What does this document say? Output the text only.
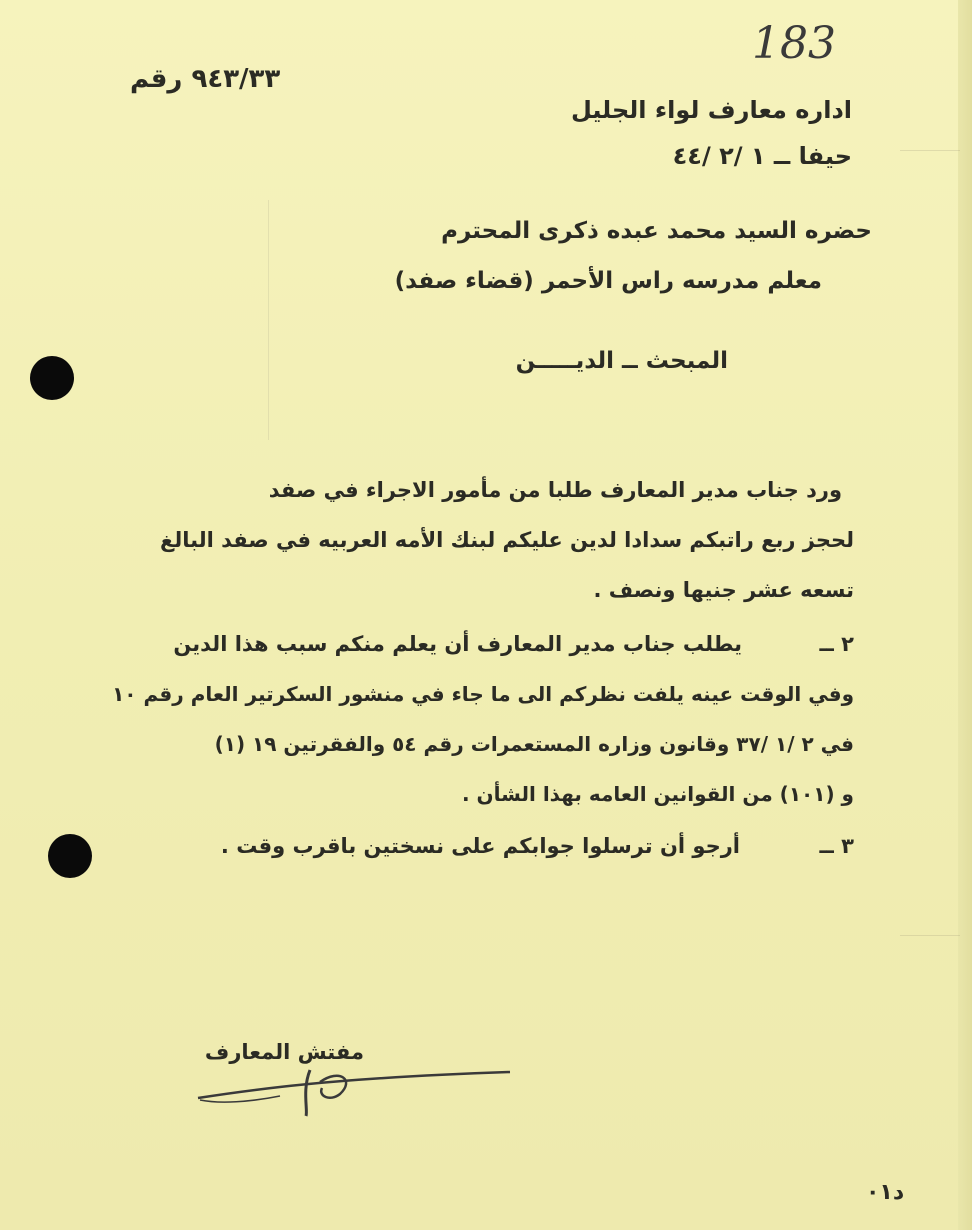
183
٩٤٣/٣٣ رقم
اداره معارف لواء الجليل
حيفا ــ ١ /٢ /٤٤
حضره السيد محمد عبده ذكرى المحترم
معلم مدرسه راس الأحمر (قضاء صفد)
المبحث ــ الديـــــن
ورد جناب مدير المعارف طلبا من مأمور الاجراء في صفد
لحجز ربع راتبكم سدادا لدين عليكم لبنك الأمه العربيه في صفد البالغ
تسعه عشر جنيها ونصف .
٢ ــ
يطلب جناب مدير المعارف أن يعلم منكم سبب هذا الدين
وفي الوقت عينه يلفت نظركم الى ما جاء في منشور السكرتير العام رقم ١٠
في ٢ /١ /٣٧ وقانون وزاره المستعمرات رقم ٥٤ والفقرتين ١٩ (١)
و (١٠١) من القوانين العامه بهذا الشأن .
٣ ــ
أرجو أن ترسلوا جوابكم على نسختين باقرب وقت .
مفتش المعارف
د٠١
